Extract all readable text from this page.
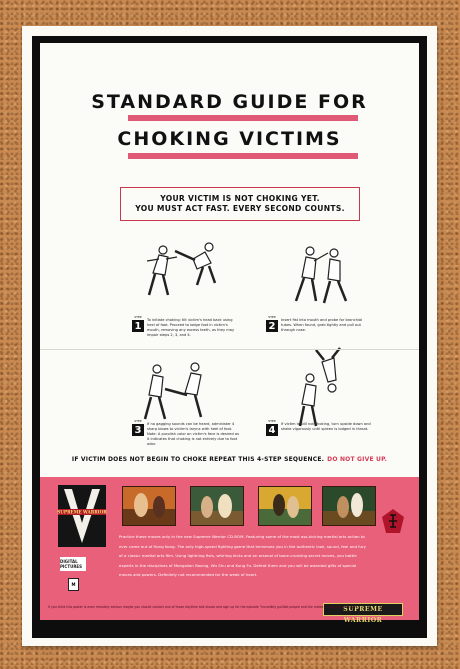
STANDARD GUIDE FOR
CHOKING VICTIMS
YOUR VICTIM IS NOT CHOKING YET.
YOU MUST ACT FAST. EVERY SECOND COUNTS.
STEP
1
To initiate choking: tilt victim's head back using heel of foot. Proceed to lodge foot in victim's mouth, removing any excess teeth, as they may impair steps 2, 3, and 4.
STEP
2
Insert fist into mouth and probe for bronchial tubes. When found, grab tightly and pull out through nose.
STEP
3
If no gagging sounds can be heard, administer 4 sharp blows to victim's larynx with heel of foot. Note: A purplish color on victim's face is desired as it indicates that choking is not entirely due to foot odor.
STEP
4
If victim is still not choking, turn upside down and shake vigorously until spleen is lodged in throat.
IF VICTIM DOES NOT BEGIN TO CHOKE REPEAT THIS 4-STEP SEQUENCE. DO NOT GIVE UP.
SUPREME WARRIOR
DIGITAL PICTURES
M
Practice these moves only in the new Supreme Warrior CD-ROM. Featuring some of the most ass-kicking martial arts action to ever come out of Hong Kong. The only high-speed fighting game that immerses you in the authentic look, sound, feel and fury of a classic martial arts film. Using lightning fists, whirling kicks and an arsenal of bone-crushing secret moves, you battle experts in the disciplines of Mongolian Boxing, Wu Shu and Kung Fu. Defeat them and you will be awarded gifts of special moves and powers. Definitely not recommended for the weak of heart.
SUPREME WARRIOR
If you think this poster is even remotely serious maybe you should contact one of those daytime talk shows and sign up for the episode "Incredibly gullible people and the mates who sponge off them."
